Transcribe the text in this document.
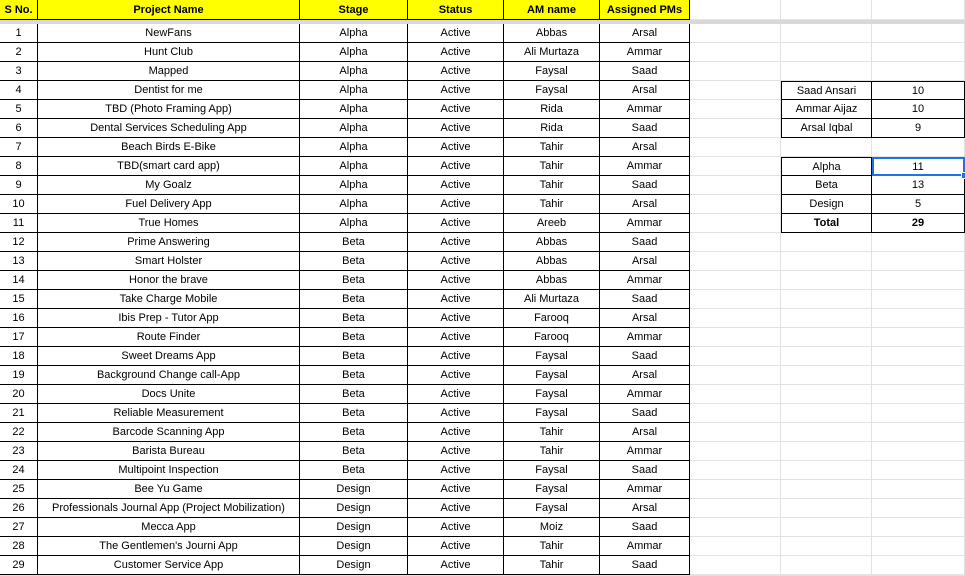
S No.	Project Name	Stage	Status	AM name	Assigned PMs
1	NewFans	Alpha	Active	Abbas	Arsal
2	Hunt Club	Alpha	Active	Ali Murtaza	Ammar
3	Mapped	Alpha	Active	Faysal	Saad
4	Dentist for me	Alpha	Active	Faysal	Arsal
5	TBD (Photo Framing App)	Alpha	Active	Rida	Ammar
6	Dental Services Scheduling App	Alpha	Active	Rida	Saad
7	Beach Birds E-Bike	Alpha	Active	Tahir	Arsal
8	TBD(smart card app)	Alpha	Active	Tahir	Ammar
9	My Goalz	Alpha	Active	Tahir	Saad
10	Fuel Delivery App	Alpha	Active	Tahir	Arsal
11	True Homes	Alpha	Active	Areeb	Ammar
12	Prime Answering	Beta	Active	Abbas	Saad
13	Smart Holster	Beta	Active	Abbas	Arsal
14	Honor the brave	Beta	Active	Abbas	Ammar
15	Take Charge Mobile	Beta	Active	Ali Murtaza	Saad
16	Ibis Prep - Tutor App	Beta	Active	Farooq	Arsal
17	Route Finder	Beta	Active	Farooq	Ammar
18	Sweet Dreams App	Beta	Active	Faysal	Saad
19	Background Change call-App	Beta	Active	Faysal	Arsal
20	Docs Unite	Beta	Active	Faysal	Ammar
21	Reliable Measurement	Beta	Active	Faysal	Saad
22	Barcode Scanning App	Beta	Active	Tahir	Arsal
23	Barista Bureau	Beta	Active	Tahir	Ammar
24	Multipoint Inspection	Beta	Active	Faysal	Saad
25	Bee Yu Game	Design	Active	Faysal	Ammar
26	Professionals Journal App (Project Mobilization)	Design	Active	Faysal	Arsal
27	Mecca App	Design	Active	Moiz	Saad
28	The Gentlemen's Journi App	Design	Active	Tahir	Ammar
29	Customer Service App	Design	Active	Tahir	Saad
Saad Ansari	10
Ammar Aijaz	10
Arsal Iqbal	9
Alpha	11
Beta	13
Design	5
Total	29
